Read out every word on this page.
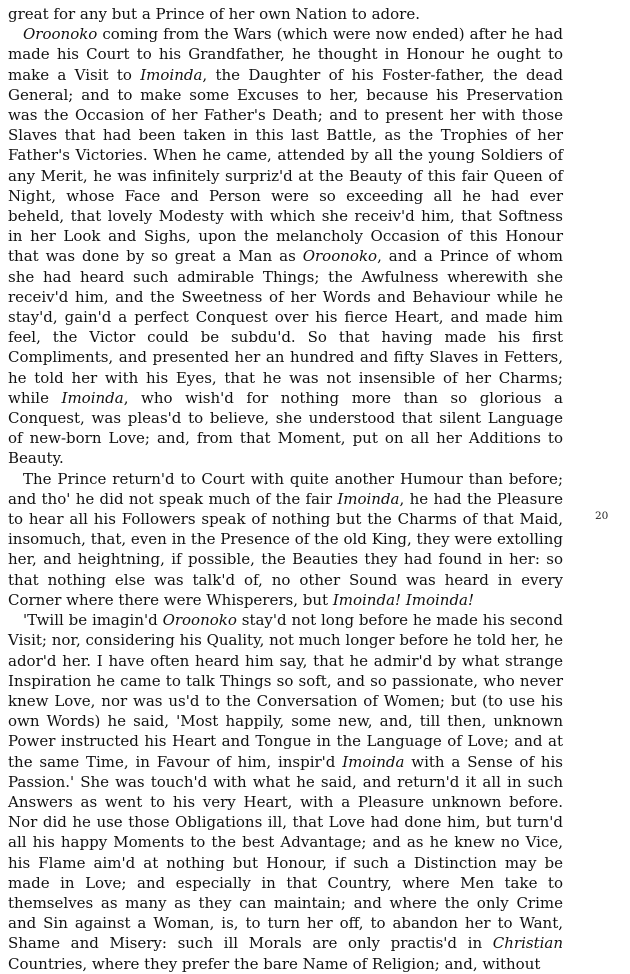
great for any but a Prince of her own Nation to adore.

Oroonoko coming from the Wars (which were now ended) after he had made his Court to his Grandfather, he thought in Honour he ought to make a Visit to Imoinda, the Daughter of his Foster-father, the dead General; and to make some Excuses to her, because his Preservation was the Occasion of her Father's Death; and to present her with those Slaves that had been taken in this last Battle, as the Trophies of her Father's Victories. When he came, attended by all the young Soldiers of any Merit, he was infinitely surpriz'd at the Beauty of this fair Queen of Night, whose Face and Person were so exceeding all he had ever beheld, that lovely Modesty with which she receiv'd him, that Softness in her Look and Sighs, upon the melancholy Occasion of this Honour that was done by so great a Man as Oroonoko, and a Prince of whom she had heard such admirable Things; the Awfulness wherewith she receiv'd him, and the Sweetness of her Words and Behaviour while he stay'd, gain'd a perfect Conquest over his fierce Heart, and made him feel, the Victor could be subdu'd. So that having made his first Compliments, and presented her an hundred and fifty Slaves in Fetters, he told her with his Eyes, that he was not insensible of her Charms; while Imoinda, who wish'd for nothing more than so glorious a Conquest, was pleas'd to believe, she understood that silent Language of new-born Love; and, from that Moment, put on all her Additions to Beauty.

The Prince return'd to Court with quite another Humour than before; and tho' he did not speak much of the fair Imoinda, he had the Pleasure to hear all his Followers speak of nothing but the Charms of that Maid, insomuch, that, even in the Presence of the old King, they were extolling her, and heightning, if possible, the Beauties they had found in her: so that nothing else was talk'd of, no other Sound was heard in every Corner where there were Whisperers, but Imoinda! Imoinda!

'Twill be imagin'd Oroonoko stay'd not long before he made his second Visit; nor, considering his Quality, not much longer before he told her, he ador'd her. I have often heard him say, that he admir'd by what strange Inspiration he came to talk Things so soft, and so passionate, who never knew Love, nor was us'd to the Conversation of Women; but (to use his own Words) he said, 'Most happily, some new, and, till then, unknown Power instructed his Heart and Tongue in the Language of Love; and at the same Time, in Favour of him, inspir'd Imoinda with a Sense of his Passion.' She was touch'd with what he said, and return'd it all in such Answers as went to his very Heart, with a Pleasure unknown before. Nor did he use those Obligations ill, that Love had done him, but turn'd all his happy Moments to the best Advantage; and as he knew no Vice, his Flame aim'd at nothing but Honour, if such a Distinction may be made in Love; and especially in that Country, where Men take to themselves as many as they can maintain; and where the only Crime and Sin against a Woman, is, to turn her off, to abandon her to Want, Shame and Misery: such ill Morals are only practis'd in Christian Countries, where they prefer the bare Name of Religion; and, without

20
